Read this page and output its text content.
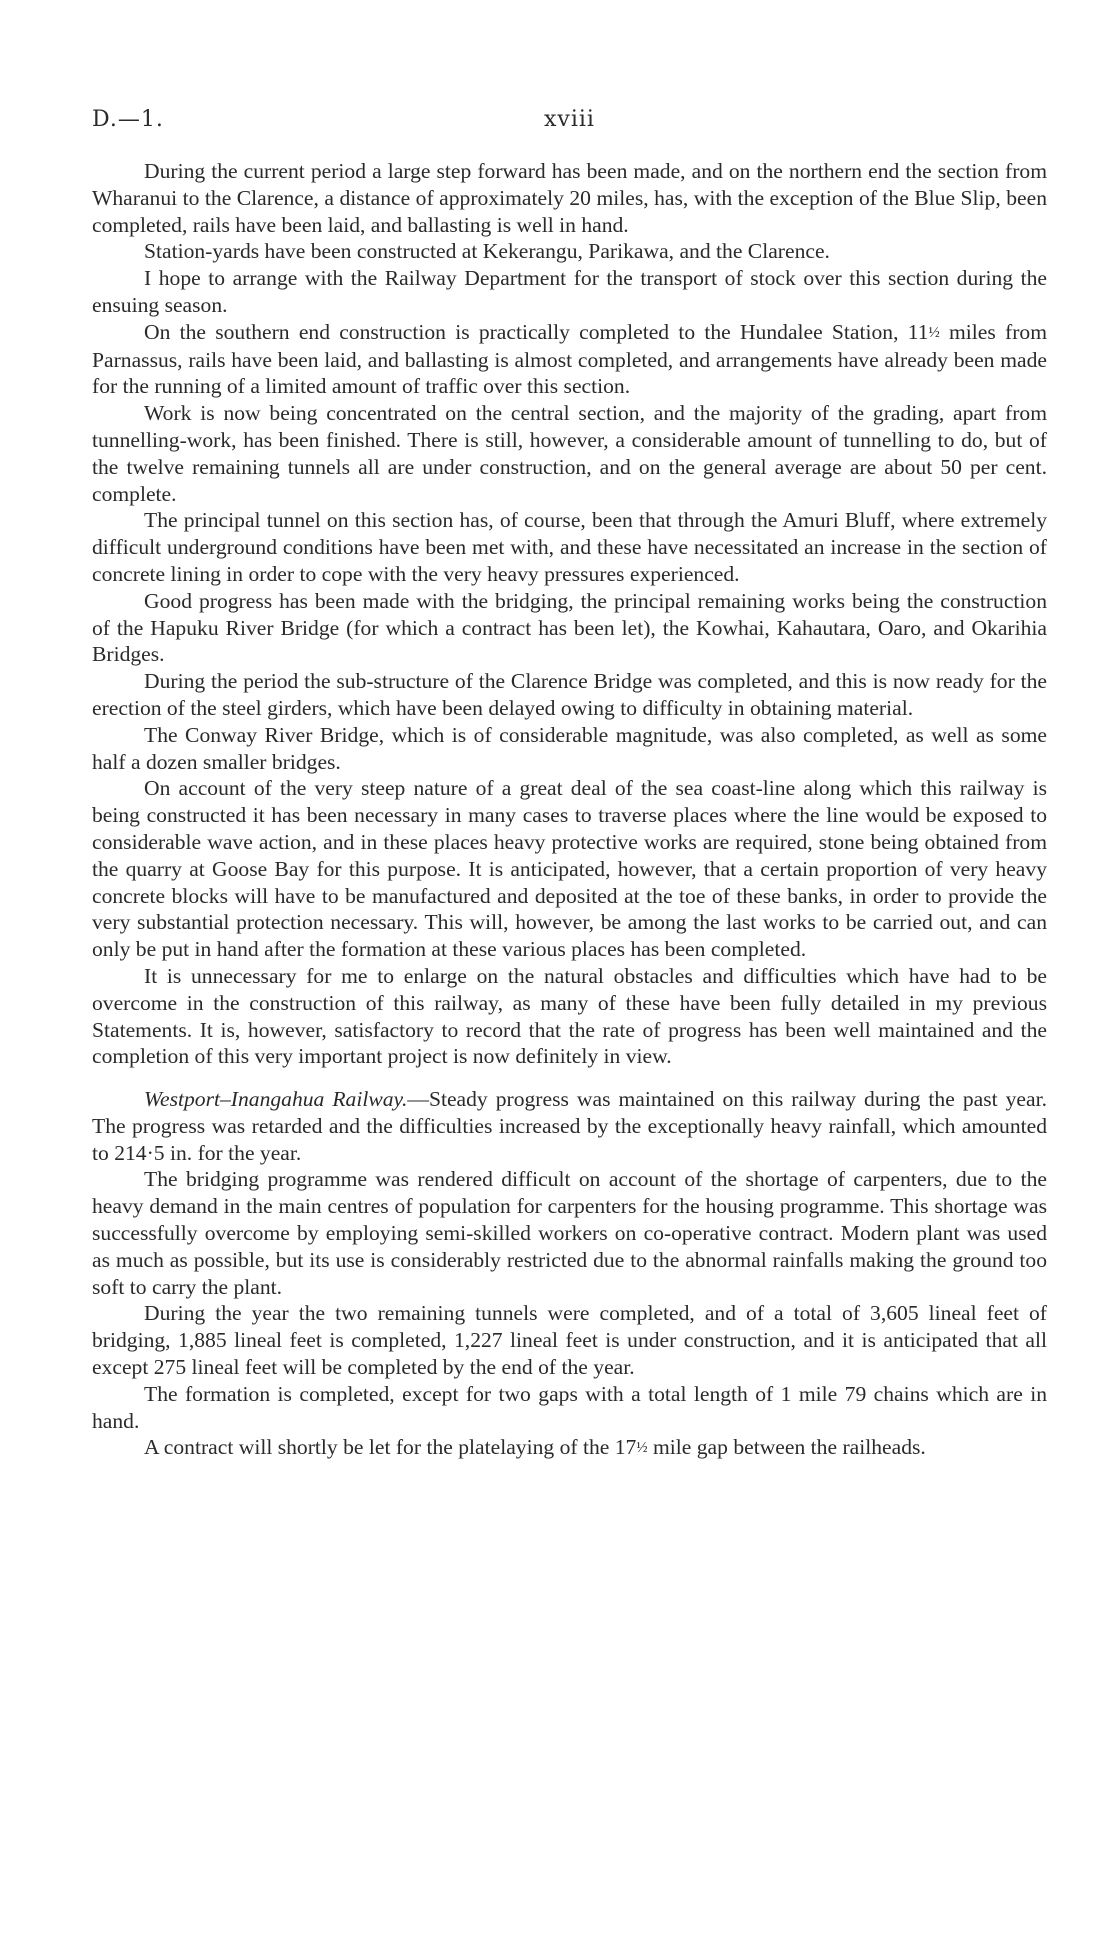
D.—1.	xviii

During the current period a large step forward has been made, and on the northern end the section from Wharanui to the Clarence, a distance of approximately 20 miles, has, with the exception of the Blue Slip, been completed, rails have been laid, and ballasting is well in hand.

Station-yards have been constructed at Kekerangu, Parikawa, and the Clarence.

I hope to arrange with the Railway Department for the transport of stock over this section during the ensuing season.

On the southern end construction is practically completed to the Hundalee Station, 11½ miles from Parnassus, rails have been laid, and ballasting is almost completed, and arrangements have already been made for the running of a limited amount of traffic over this section.

Work is now being concentrated on the central section, and the majority of the grading, apart from tunnelling-work, has been finished. There is still, however, a considerable amount of tunnelling to do, but of the twelve remaining tunnels all are under construction, and on the general average are about 50 per cent. complete.

The principal tunnel on this section has, of course, been that through the Amuri Bluff, where extremely difficult underground conditions have been met with, and these have necessitated an increase in the section of concrete lining in order to cope with the very heavy pressures experienced.

Good progress has been made with the bridging, the principal remaining works being the construction of the Hapuku River Bridge (for which a contract has been let), the Kowhai, Kahautara, Oaro, and Okarihia Bridges.

During the period the sub-structure of the Clarence Bridge was completed, and this is now ready for the erection of the steel girders, which have been delayed owing to difficulty in obtaining material.

The Conway River Bridge, which is of considerable magnitude, was also completed, as well as some half a dozen smaller bridges.

On account of the very steep nature of a great deal of the sea coast-line along which this railway is being constructed it has been necessary in many cases to traverse places where the line would be exposed to considerable wave action, and in these places heavy protective works are required, stone being obtained from the quarry at Goose Bay for this purpose. It is anticipated, however, that a certain proportion of very heavy concrete blocks will have to be manufactured and deposited at the toe of these banks, in order to provide the very substantial protection necessary. This will, however, be among the last works to be carried out, and can only be put in hand after the formation at these various places has been completed.

It is unnecessary for me to enlarge on the natural obstacles and difficulties which have had to be overcome in the construction of this railway, as many of these have been fully detailed in my previous Statements. It is, however, satisfactory to record that the rate of progress has been well maintained and the completion of this very important project is now definitely in view.

Westport–Inangahua Railway.—Steady progress was maintained on this railway during the past year. The progress was retarded and the difficulties increased by the exceptionally heavy rainfall, which amounted to 214·5 in. for the year.

The bridging programme was rendered difficult on account of the shortage of carpenters, due to the heavy demand in the main centres of population for carpenters for the housing programme. This shortage was successfully overcome by employing semi-skilled workers on co-operative contract. Modern plant was used as much as possible, but its use is considerably restricted due to the abnormal rainfalls making the ground too soft to carry the plant.

During the year the two remaining tunnels were completed, and of a total of 3,605 lineal feet of bridging, 1,885 lineal feet is completed, 1,227 lineal feet is under construction, and it is anticipated that all except 275 lineal feet will be completed by the end of the year.

The formation is completed, except for two gaps with a total length of 1 mile 79 chains which are in hand.

A contract will shortly be let for the platelaying of the 17½ mile gap between the railheads.
